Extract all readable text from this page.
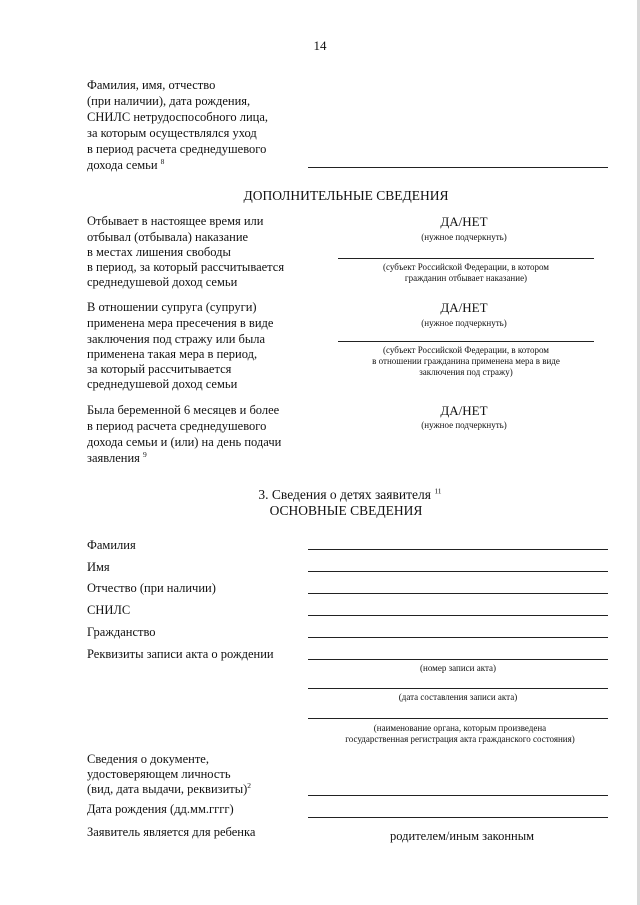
14
Фамилия, имя, отчество
(при наличии), дата рождения,
СНИЛС нетрудоспособного лица,
за которым осуществлялся уход
в период расчета среднедушевого
дохода семьи $^8$
ДОПОЛНИТЕЛЬНЫЕ СВЕДЕНИЯ
Отбывает в настоящее время или
отбывал (отбывала) наказание
в местах лишения свободы
в период, за который рассчитывается
среднедушевой доход семьи
ДА/НЕТ
(нужное подчеркнуть)
(субъект Российской Федерации, в котором
гражданин отбывает наказание)
В отношении супруга (супруги)
применена мера пресечения в виде
заключения под стражу или была
применена такая мера в период,
за который рассчитывается
среднедушевой доход семьи
ДА/НЕТ
(нужное подчеркнуть)
(субъект Российской Федерации, в котором
в отношении гражданина применена мера в виде
заключения под стражу)
Была беременной 6 месяцев и более
в период расчета среднедушевого
дохода семьи и (или) на день подачи
заявления $^9$
ДА/НЕТ
(нужное подчеркнуть)
3. Сведения о детях заявителя $^{11}$
ОСНОВНЫЕ СВЕДЕНИЯ
Фамилия
Имя
Отчество (при наличии)
СНИЛС
Гражданство
Реквизиты записи акта о рождении
(номер записи акта)
(дата составления записи акта)
(наименование органа, которым произведена
государственная регистрация акта гражданского состояния)
Сведения о документе,
удостоверяющем личность
(вид, дата выдачи, реквизиты)$^2$
Дата рождения (дд.мм.гггг)
Заявитель является для ребенка	родителем/иным законным
